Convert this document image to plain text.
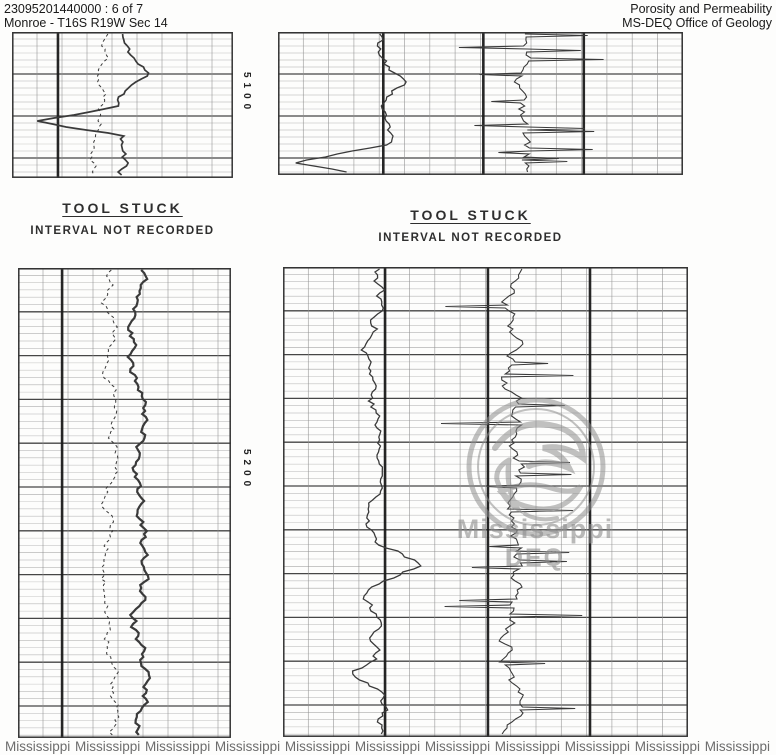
23095201440000 : 6 of 7
Monroe - T16S R19W Sec 14
Porosity and Permeability
MS-DEQ Office of Geology
5100
5200
TOOL STUCK
INTERVAL NOT RECORDED
TOOL STUCK
INTERVAL NOT RECORDED
Mississippi
DEQ
Mississippi Mississippi Mississippi Mississippi Mississippi Mississippi Mississippi Mississippi Mississippi Mississippi Mississippi
